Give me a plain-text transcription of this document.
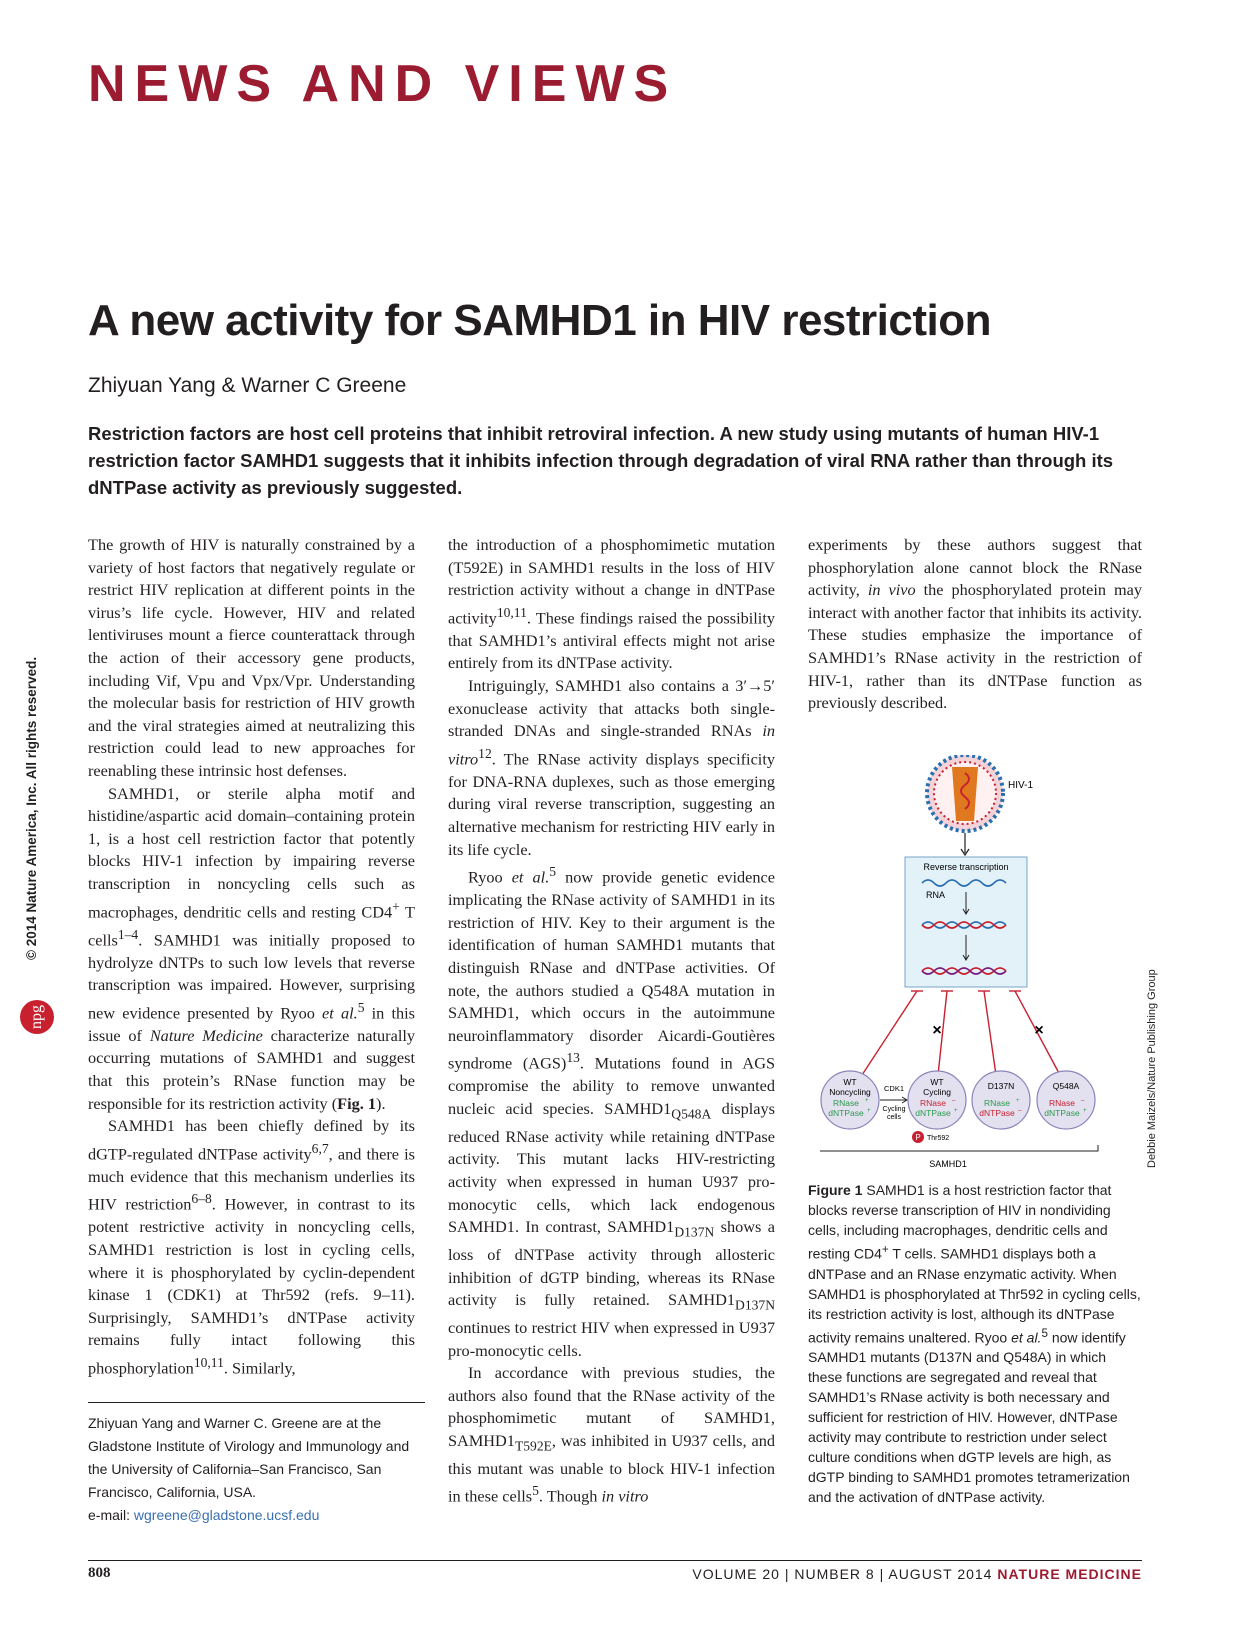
NEWS AND VIEWS
A new activity for SAMHD1 in HIV restriction
Zhiyuan Yang & Warner C Greene
Restriction factors are host cell proteins that inhibit retroviral infection. A new study using mutants of human HIV-1 restriction factor SAMHD1 suggests that it inhibits infection through degradation of viral RNA rather than through its dNTPase activity as previously suggested.
© 2014 Nature America, Inc. All rights reserved.
npg

The growth of HIV is naturally constrained by a variety of host factors that negatively regulate or restrict HIV replication at different points in the virus’s life cycle. However, HIV and related lentiviruses mount a fierce counterattack through the action of their accessory gene products, including Vif, Vpu and Vpx/Vpr. Understanding the molecular basis for restriction of HIV growth and the viral strategies aimed at neutralizing this restriction could lead to new approaches for reenabling these intrinsic host defenses.

SAMHD1, or sterile alpha motif and histidine/aspartic acid domain–containing protein 1, is a host cell restriction factor that potently blocks HIV-1 infection by impairing reverse transcription in noncycling cells such as macrophages, dendritic cells and resting CD4+ T cells$^{1-4}$. SAMHD1 was initially proposed to hydrolyze dNTPs to such low levels that reverse transcription was impaired. However, surprising new evidence presented by Ryoo et al.$^5$ in this issue of Nature Medicine characterize naturally occurring mutations of SAMHD1 and suggest that this protein’s RNase function may be responsible for its restriction activity (Fig. 1).

SAMHD1 has been chiefly defined by its dGTP-regulated dNTPase activity$^{6,7}$, and there is much evidence that this mechanism underlies its HIV restriction$^{6-8}$. However, in contrast to its potent restrictive activity in noncycling cells, SAMHD1 restriction is lost in cycling cells, where it is phosphorylated by cyclin-dependent kinase 1 (CDK1) at Thr592 (refs. 9–11). Surprisingly, SAMHD1’s dNTPase activity remains fully intact following this phosphorylation$^{10,11}$. Similarly,

Zhiyuan Yang and Warner C. Greene are at the Gladstone Institute of Virology and Immunology and the University of California–San Francisco, San Francisco, California, USA.
e-mail: wgreene@gladstone.ucsf.edu

the introduction of a phosphomimetic mutation (T592E) in SAMHD1 results in the loss of HIV restriction activity without a change in dNTPase activity$^{10,11}$. These findings raised the possibility that SAMHD1’s antiviral effects might not arise entirely from its dNTPase activity.

Intriguingly, SAMHD1 also contains a 3′→5′ exonuclease activity that attacks both single-stranded DNAs and single-stranded RNAs in vitro$^{12}$. The RNase activity displays specificity for DNA-RNA duplexes, such as those emerging during viral reverse transcription, suggesting an alternative mechanism for restricting HIV early in its life cycle.

Ryoo et al.$^5$ now provide genetic evidence implicating the RNase activity of SAMHD1 in its restriction of HIV. Key to their argument is the identification of human SAMHD1 mutants that distinguish RNase and dNTPase activities. Of note, the authors studied a Q548A mutation in SAMHD1, which occurs in the autoimmune neuroinflammatory disorder Aicardi-Goutières syndrome (AGS)$^{13}$. Mutations found in AGS compromise the ability to remove unwanted nucleic acid species. $SAMHD1_{Q548A}$ displays reduced RNase activity while retaining dNTPase activity. This mutant lacks HIV-restricting activity when expressed in human U937 pro-monocytic cells, which lack endogenous SAMHD1. In contrast, $SAMHD1_{D137N}$ shows a loss of dNTPase activity through allosteric inhibition of dGTP binding, whereas its RNase activity is fully retained. $SAMHD1_{D137N}$ continues to restrict HIV when expressed in U937 pro-monocytic cells.

In accordance with previous studies, the authors also found that the RNase activity of the phosphomimetic mutant of SAMHD1, $SAMHD1_{T592E}$, was inhibited in U937 cells, and this mutant was unable to block HIV-1 infection in these cells$^5$. Though in vitro

experiments by these authors suggest that phosphorylation alone cannot block the RNase activity, in vivo the phosphorylated protein may interact with another factor that inhibits its activity. These studies emphasize the importance of SAMHD1’s RNase activity in the restriction of HIV-1, rather than its dNTPase function as previously described.

HIV-1
Reverse transcription
RNA
×	×
WT
Noncycling
RNase +
dNTPase +
CDK1
Cycling
cells
WT
Cycling
RNase –
dNTPase +
P Thr592
D137N
RNase +
dNTPase –
Q548A
RNase –
dNTPase +
SAMHD1	Debbie Maizels/Nature Publishing Group
Figure 1 SAMHD1 is a host restriction factor that blocks reverse transcription of HIV in nondividing cells, including macrophages, dendritic cells and resting CD4+ T cells. SAMHD1 displays both a dNTPase and an RNase enzymatic activity. When SAMHD1 is phosphorylated at Thr592 in cycling cells, its restriction activity is lost, although its dNTPase activity remains unaltered. Ryoo et al.$^5$ now identify SAMHD1 mutants (D137N and Q548A) in which these functions are segregated and reveal that SAMHD1’s RNase activity is both necessary and sufficient for restriction of HIV. However, dNTPase activity may contribute to restriction under select culture conditions when dGTP levels are high, as dGTP binding to SAMHD1 promotes tetramerization and the activation of dNTPase activity.
808	VOLUME 20 | NUMBER 8 | AUGUST 2014 NATURE MEDICINE
